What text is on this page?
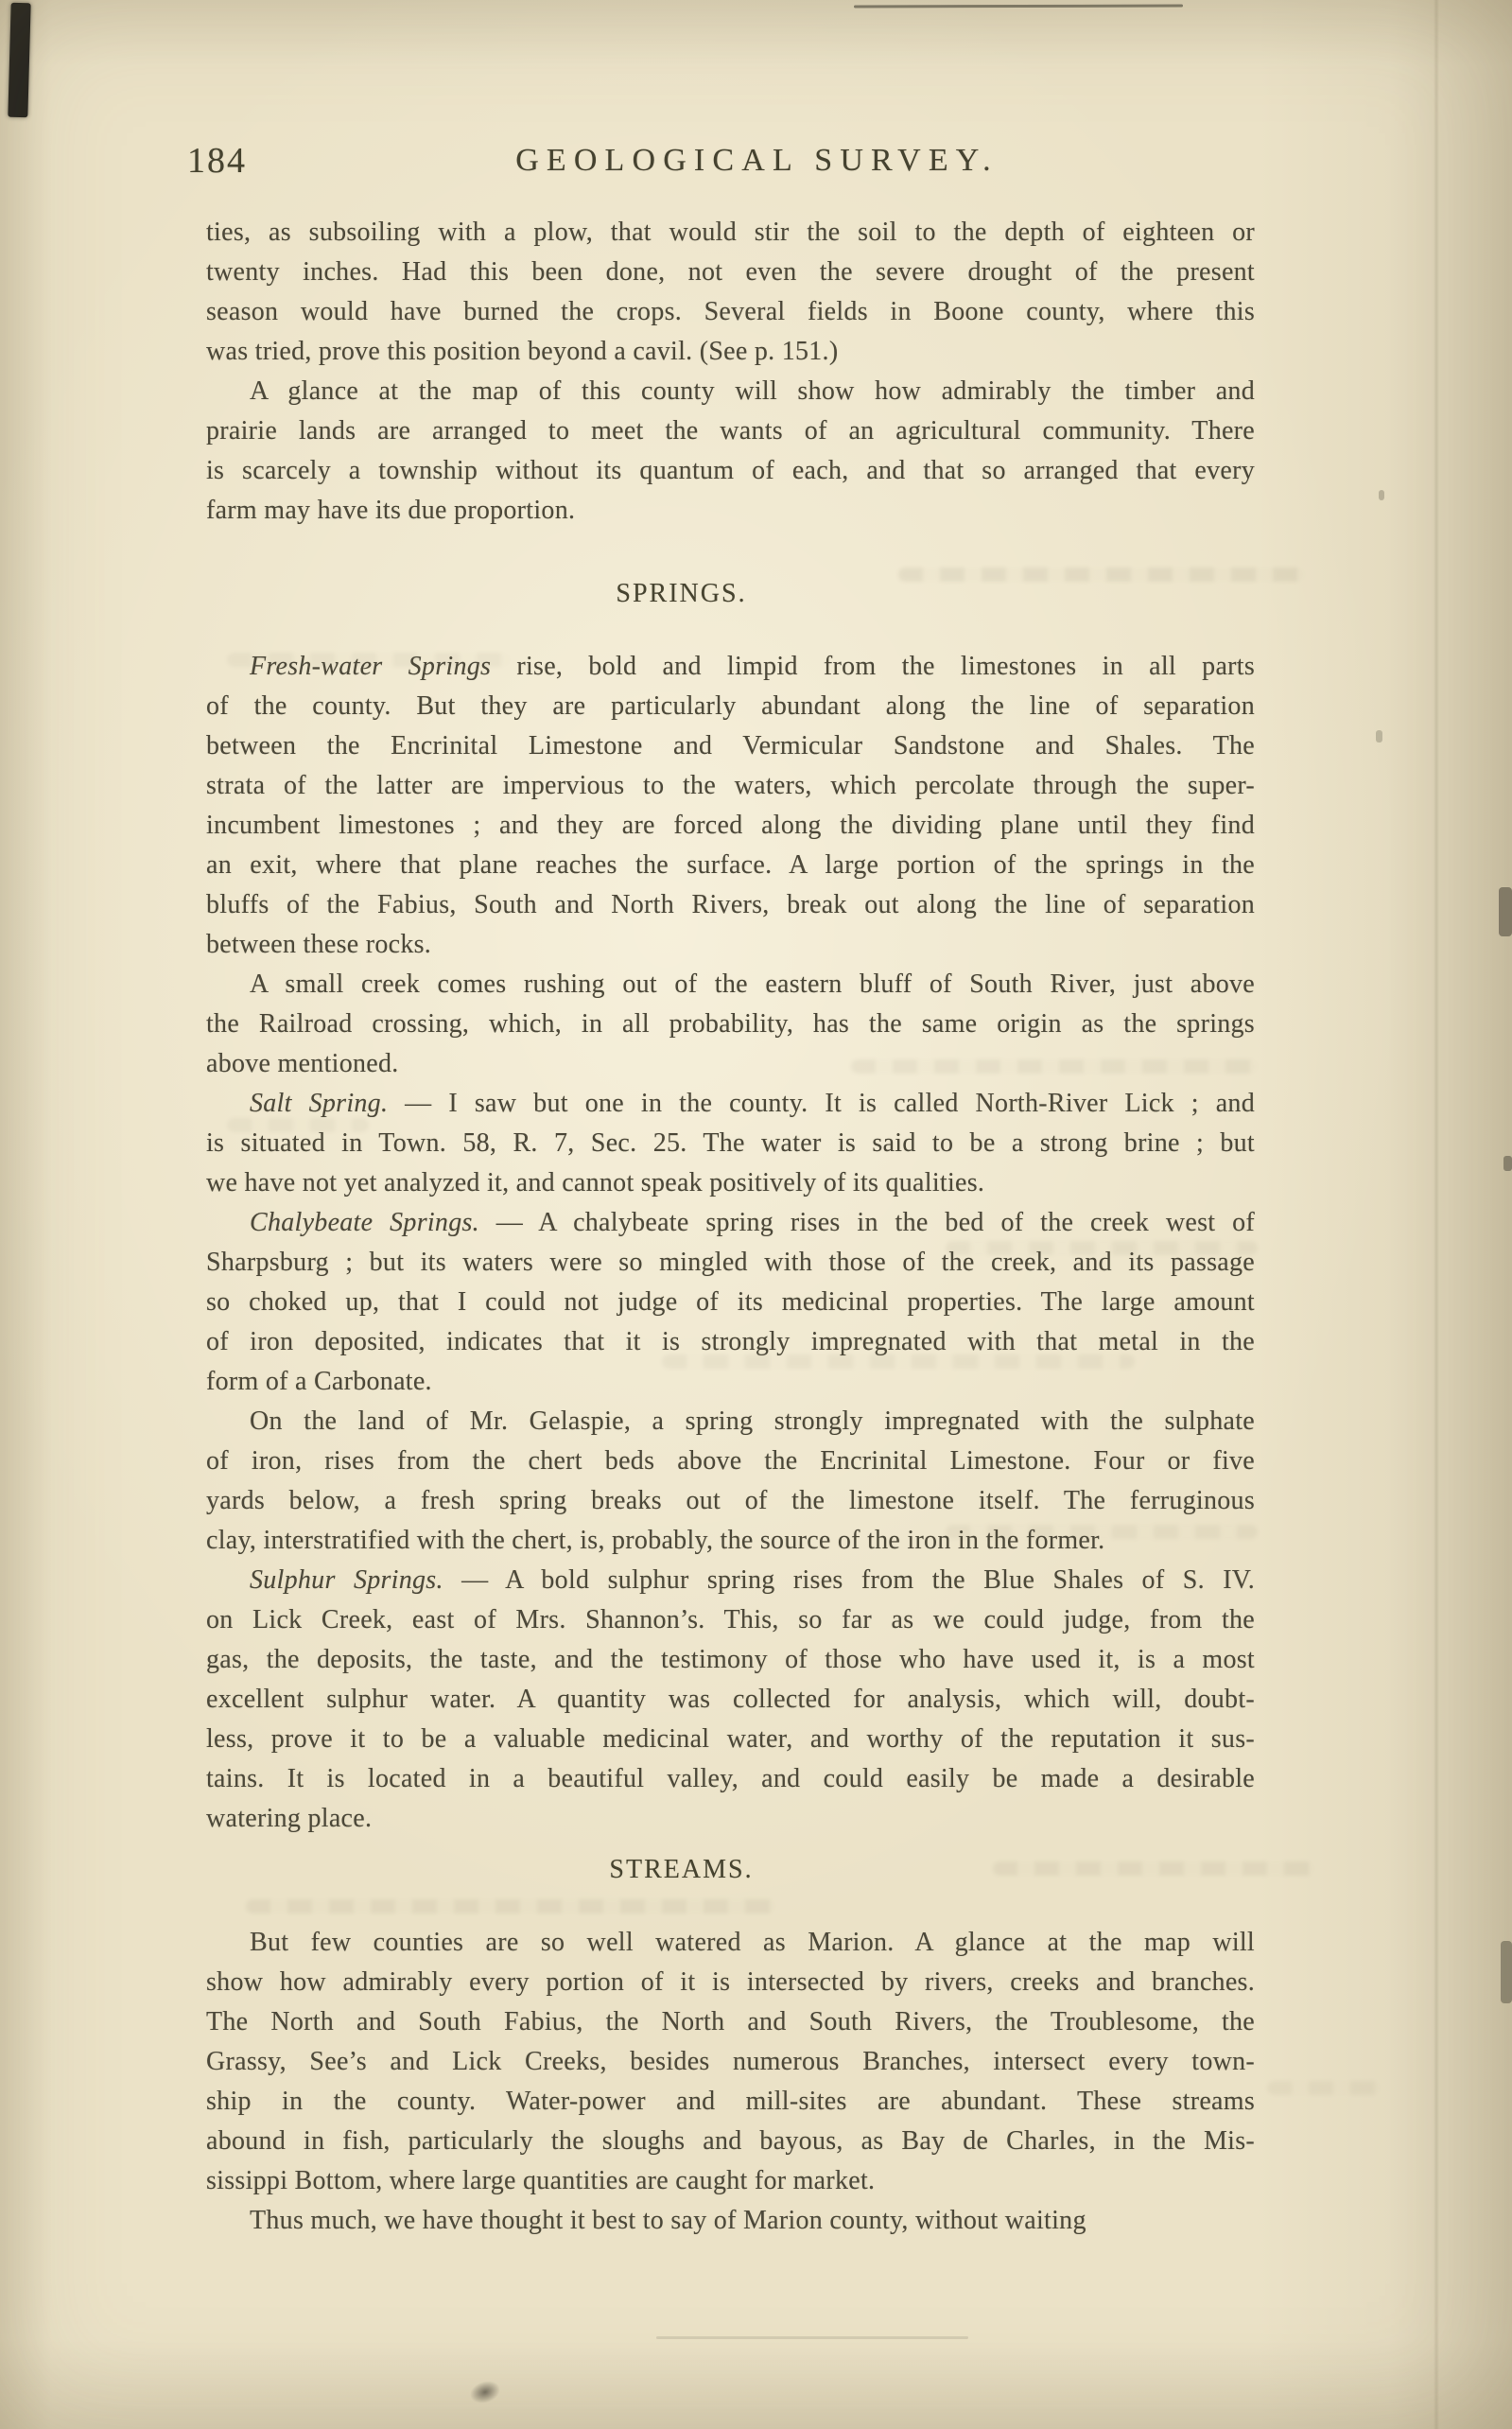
184	GEOLOGICAL SURVEY.
ties, as subsoiling with a plow, that would stir the soil to the depth of eighteen or
twenty inches. Had this been done, not even the severe drought of the present
season would have burned the crops. Several fields in Boone county, where this
was tried, prove this position beyond a cavil. (See p. 151.)
A glance at the map of this county will show how admirably the timber and
prairie lands are arranged to meet the wants of an agricultural community. There
is scarcely a township without its quantum of each, and that so arranged that every
farm may have its due proportion.
SPRINGS.
Fresh-water Springs rise, bold and limpid from the limestones in all parts
of the county. But they are particularly abundant along the line of separation
between the Encrinital Limestone and Vermicular Sandstone and Shales. The
strata of the latter are impervious to the waters, which percolate through the super-
incumbent limestones ; and they are forced along the dividing plane until they find
an exit, where that plane reaches the surface. A large portion of the springs in the
bluffs of the Fabius, South and North Rivers, break out along the line of separation
between these rocks.
A small creek comes rushing out of the eastern bluff of South River, just above
the Railroad crossing, which, in all probability, has the same origin as the springs
above mentioned.
Salt Spring. — I saw but one in the county. It is called North-River Lick ; and
is situated in Town. 58, R. 7, Sec. 25. The water is said to be a strong brine ; but
we have not yet analyzed it, and cannot speak positively of its qualities.
Chalybeate Springs. — A chalybeate spring rises in the bed of the creek west of
Sharpsburg ; but its waters were so mingled with those of the creek, and its passage
so choked up, that I could not judge of its medicinal properties. The large amount
of iron deposited, indicates that it is strongly impregnated with that metal in the
form of a Carbonate.
On the land of Mr. Gelaspie, a spring strongly impregnated with the sulphate
of iron, rises from the chert beds above the Encrinital Limestone. Four or five
yards below, a fresh spring breaks out of the limestone itself. The ferruginous
clay, interstratified with the chert, is, probably, the source of the iron in the former.
Sulphur Springs. — A bold sulphur spring rises from the Blue Shales of S. IV.
on Lick Creek, east of Mrs. Shannon’s. This, so far as we could judge, from the
gas, the deposits, the taste, and the testimony of those who have used it, is a most
excellent sulphur water. A quantity was collected for analysis, which will, doubt-
less, prove it to be a valuable medicinal water, and worthy of the reputation it sus-
tains. It is located in a beautiful valley, and could easily be made a desirable
watering place.
STREAMS.
But few counties are so well watered as Marion. A glance at the map will
show how admirably every portion of it is intersected by rivers, creeks and branches.
The North and South Fabius, the North and South Rivers, the Troublesome, the
Grassy, See’s and Lick Creeks, besides numerous Branches, intersect every town-
ship in the county. Water-power and mill-sites are abundant. These streams
abound in fish, particularly the sloughs and bayous, as Bay de Charles, in the Mis-
sissippi Bottom, where large quantities are caught for market.
Thus much, we have thought it best to say of Marion county, without waiting
